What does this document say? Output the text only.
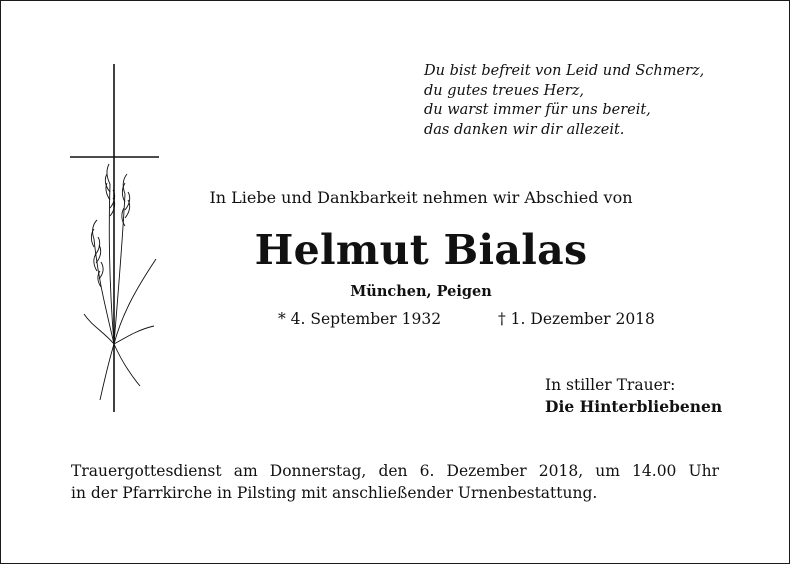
Du bist befreit von Leid und Schmerz,
du gutes treues Herz,
du warst immer für uns bereit,
das danken wir dir allezeit.
In Liebe und Dankbarkeit nehmen wir Abschied von
Helmut Bialas
München, Peigen
* 4. September 1932	† 1. Dezember 2018
In stiller Trauer:
Die Hinterbliebenen
Trauergottesdienst am Donnerstag, den 6. Dezember 2018, um 14.00 Uhr
in der Pfarrkirche in Pilsting mit anschließender Urnenbestattung.
